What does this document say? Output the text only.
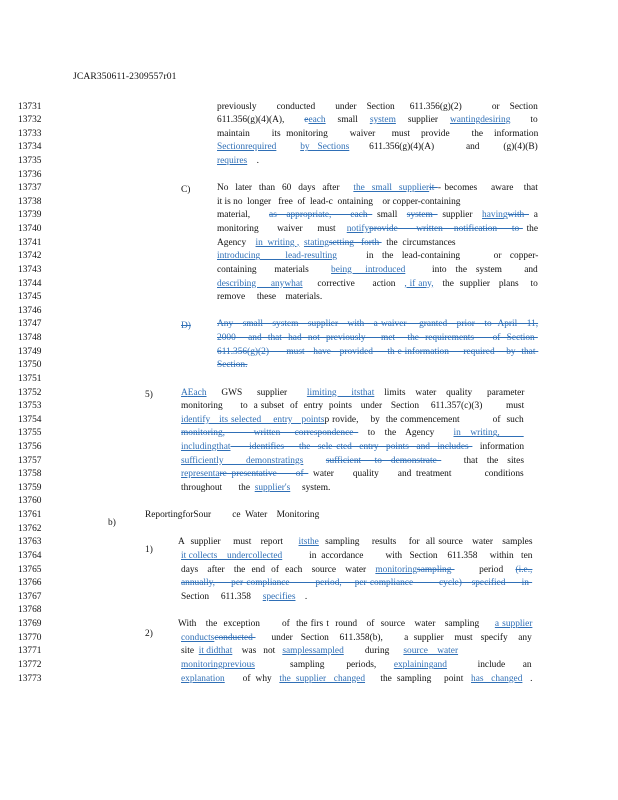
JCAR350611-2309557r01
13731
13732
13733
13734
13735
13736
13737
13738
13739
13740
13741
13742
13743
13744
13745
13746
13747
13748
13749
13750
13751
13752
13753
13754
13755
13756
13757
13758
13759
13760
13761
13762
13763
13764
13765
13766
13767
13768
13769
13770
13771
13772
13773
previously    conducted    under  Section   611.356(g)(2)      or  Section
611.356(g)(4)(A),     eeach   small   system   supplier   wantingdesiring     to
maintain    its monitoring    waiver   must  provide    the  information
Sectionrequired	by  Sections     611.356(g)(4)(A)        and      (g)(4)(B)
requires    .
No  later  than  60  days  after    the  small  supplierit - becomes    aware   that
it is no  longer   free  of  lead-c  ontaining    or copper-containing
material,    as  appropriate,    each  small  system  supplier  havingwith  a
monitoring     waiver    must   notifyprovide     written   notification    to  the
Agency    in  writing , statingsetting   forth   the  circumstances
introducing      lead-resulting       in  the  lead-containing        or  copper-
containing    materials     being   introduced      into  the  system     and
describing     anywhat     corrective      action   , if any,   the  supplier   plans    to
remove     these    materials.
Any   small   system   supplier   with   a waiver    granted   prior   to  April   11,
2000    and  that  had  not  previously     met    the  requirements      of  Section
611.356(g)(2)      must   have   provided     th e information     required    by  that
Section.
AEach   GWS   supplier    limiting   itsthat  limits  water  quality   parameter
monitoring      to  a subset  of  entry  points   under   Section    611.357(c)(3)        must
identify   its selected    entry   pointsp rovide,    by  the commencement           of  such
monitoring,      written   correspondence   to  the  Agency    in  writing,
includingthat     identifies    the  sele cted  entry  points  and  includes   information
sufficiently     demonstratings sufficient   to  demonstrate      that  the  sites
representare presentative    of  water    quality    and treatment       conditions
throughout       the  supplier's     system.
ReportingforSour         ce  Water    Monitoring
A  supplier    must   report     itsthe  sampling    results    for  all source   water   samples
it collects    undercollected           in  accordance         with   Section    611.358     within   ten
days   after   the  end  of  each   source   water   monitoringsampling         period    (i.e.,
annually,     per compliance        period,    per compliance        cycle)   specified     in
Section     611.358     specifies    .
With   the  exception       of  the firs t  round   of  source   water   sampling     a supplier
conductsconducted       under   Section    611.358(b),        a  supplier    must   specify    any
site  it didthat    was   not   samplessampled         during      source    water
monitoringprevious        sampling     periods,    explainingand       include    an
explanation       of  why   the  supplier   changed      the  sampling     point   has   changed   .
C)
D)
5)
b)
1)
2)
